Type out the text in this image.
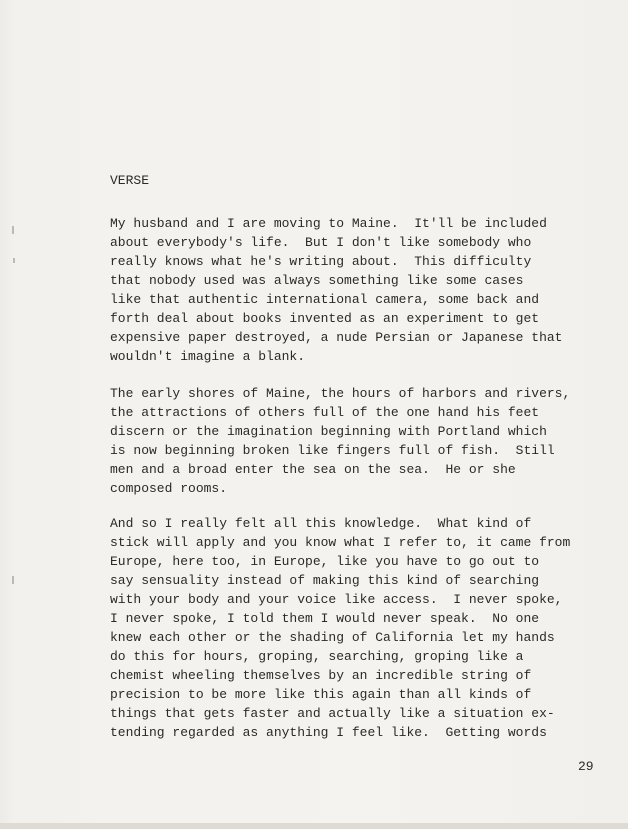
VERSE
My husband and I are moving to Maine.  It'll be included
about everybody's life.  But I don't like somebody who
really knows what he's writing about.  This difficulty
that nobody used was always something like some cases
like that authentic international camera, some back and
forth deal about books invented as an experiment to get
expensive paper destroyed, a nude Persian or Japanese that
wouldn't imagine a blank.
The early shores of Maine, the hours of harbors and rivers,
the attractions of others full of the one hand his feet
discern or the imagination beginning with Portland which
is now beginning broken like fingers full of fish.  Still
men and a broad enter the sea on the sea.  He or she
composed rooms.
And so I really felt all this knowledge.  What kind of
stick will apply and you know what I refer to, it came from
Europe, here too, in Europe, like you have to go out to
say sensuality instead of making this kind of searching
with your body and your voice like access.  I never spoke,
I never spoke, I told them I would never speak.  No one
knew each other or the shading of California let my hands
do this for hours, groping, searching, groping like a
chemist wheeling themselves by an incredible string of
precision to be more like this again than all kinds of
things that gets faster and actually like a situation ex-
tending regarded as anything I feel like.  Getting words
29
